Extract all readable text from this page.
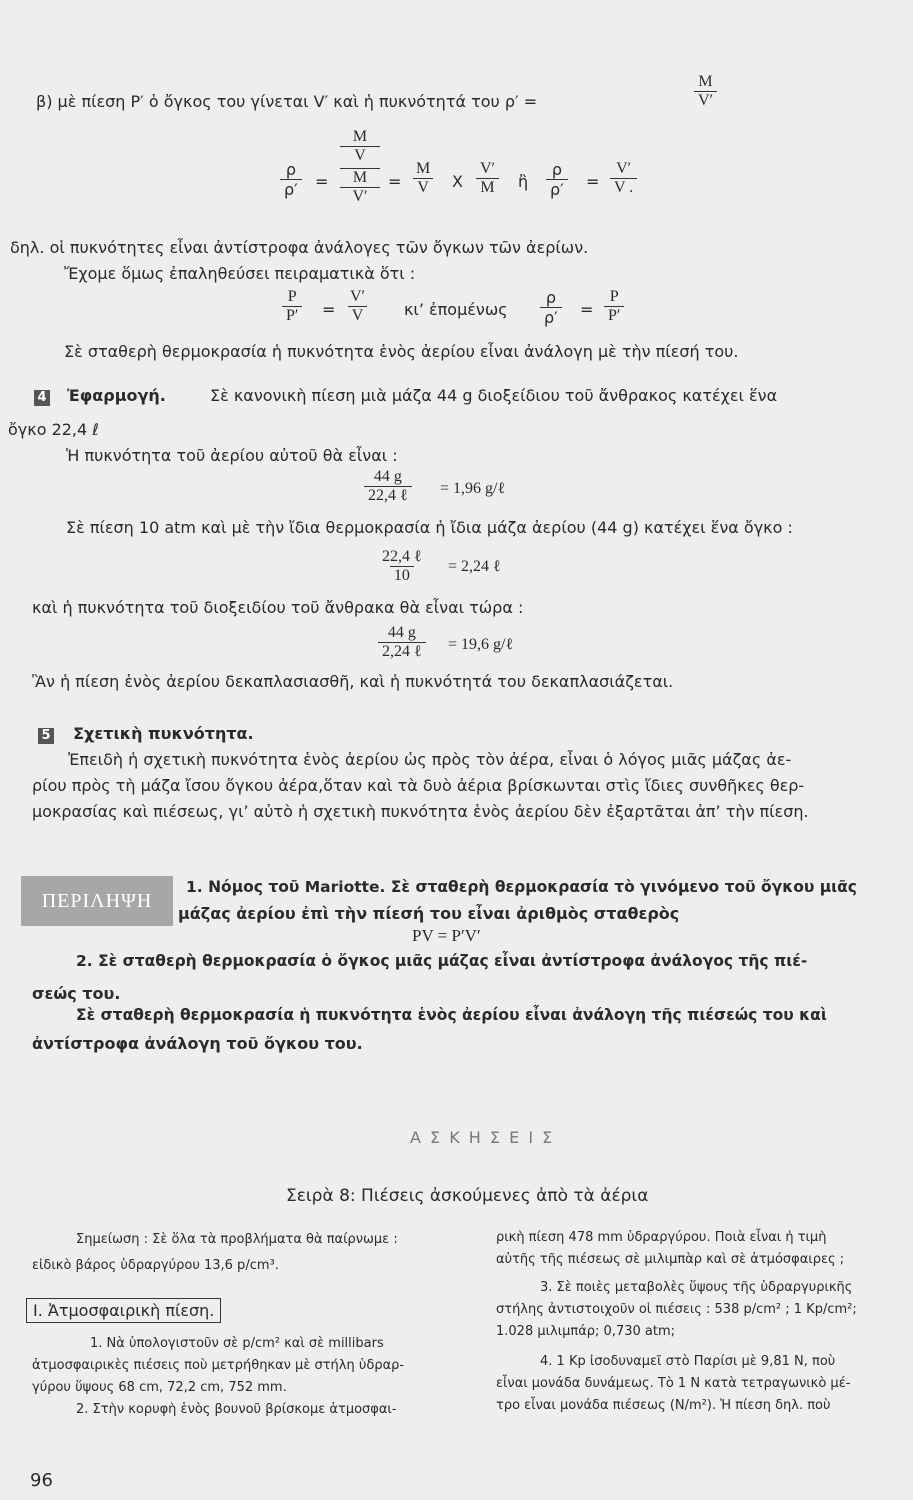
β) μὲ πίεση P′ ὁ ὄγκος του γίνεται V′ καὶ ἡ πυκνότητά του ρ′ =	$\frac{M}{V'}$
$\frac{\rho}{\rho'}$ =
M
V
M
V′
= $\frac{M}{V}$ X $\frac{V'}{M}$ ἢ $\frac{\rho}{\rho'} = \frac{V'}{V .}$
δηλ. οἱ πυκνότητες εἶναι ἀντίστροφα ἀνάλογες τῶν ὄγκων τῶν ἀερίων.
Ἔχομε ὅμως ἐπαληθεύσει πειραματικὰ ὅτι :
$\frac{P}{P'} = \frac{V'}{V} \kappa\iota$’ ἐπομένως $\frac{\rho}{\rho'} = \frac{P}{P'}$
Σὲ σταθερὴ θερμοκρασία ἡ πυκνότητα ἑνὸς ἀερίου εἶναι ἀνάλογη μὲ τὴν πίεσή του.
4 Ἐφαρμογή.	Σὲ κανονικὴ πίεση μιὰ μάζα 44 g διοξείδιου τοῦ ἄνθρακος κατέχει ἕνα
ὄγκο 22,4 ℓ
Ἡ πυκνότητα τοῦ ἀερίου αὐτοῦ θὰ εἶναι :
44 g
22,4 ℓ = 1,96 g/ℓ
Σὲ πίεση 10 atm καὶ μὲ τὴν ἴδια θερμοκρασία ἡ ἴδια μάζα ἀερίου (44 g) κατέχει ἕνα ὄγκο :
22,4 ℓ
10
= 2,24 ℓ
καὶ ἡ πυκνότητα τοῦ διοξειδίου τοῦ ἄνθρακα θὰ εἶναι τώρα :
44 g
2,24 ℓ = 19,6 g/ℓ
Ἂν ἡ πίεση ἑνὸς ἀερίου δεκαπλασιασθῆ, καὶ ἡ πυκνότητά του δεκαπλασιάζεται.
5 Σχετικὴ πυκνότητα.
Ἐπειδὴ ἡ σχετικὴ πυκνότητα ἑνὸς ἀερίου ὡς πρὸς τὸν ἀέρα, εἶναι ὁ λόγος μιᾶς μάζας ἀε-
ρίου πρὸς τὴ μάζα ἴσου ὄγκου ἀέρα,ὅταν καὶ τὰ δυὸ ἀέρια βρίσκωνται στὶς ἴδιες συνθῆκες θερ-
μοκρασίας καὶ πιέσεως, γι’ αὐτὸ ἡ σχετικὴ πυκνότητα ἑνὸς ἀερίου δὲν ἐξαρτᾶται ἀπ’ τὴν πίεση.
ΠΕΡΙΛΗΨΗ
1. Νόμος τοῦ Mariotte. Σὲ σταθερὴ θερμοκρασία τὸ γινόμενο τοῦ ὄγκου μιᾶς
μάζας ἀερίου ἐπὶ τὴν πίεσή του εἶναι ἀριθμὸς σταθερὸς
PV = P′V′
2. Σὲ σταθερὴ θερμοκρασία ὁ ὄγκος μιᾶς μάζας εἶναι ἀντίστροφα ἀνάλογος τῆς πιέ-
σεώς του.
Σὲ σταθερὴ θερμοκρασία ἡ πυκνότητα ἑνὸς ἀερίου εἶναι ἀνάλογη τῆς πιέσεώς του καὶ
ἀντίστροφα ἀνάλογη τοῦ ὄγκου του.
Α Σ Κ Η Σ Ε Ι Σ
Σειρὰ 8: Πιέσεις ἀσκούμενες ἀπὸ τὰ ἀέρια
Σημείωση : Σὲ ὅλα τὰ προβλήματα θὰ παίρνωμε :
εἰδικὸ βάρος ὑδραργύρου 13,6 p/cm³.
I. Ἀτμοσφαιρικὴ πίεση.
1. Νὰ ὑπολογιστοῦν σὲ p/cm² καὶ σὲ millibars
ἀτμοσφαιρικὲς πιέσεις ποὺ μετρήθηκαν μὲ στήλη ὑδραρ-
γύρου ὕψους 68 cm, 72,2 cm, 752 mm.
2. Στὴν κορυφὴ ἑνὸς βουνοῦ βρίσκομε ἀτμοσφαι-
ρικὴ πίεση 478 mm ὑδραργύρου. Ποιὰ εἶναι ἡ τιμὴ
αὐτῆς τῆς πιέσεως σὲ μιλιμπὰρ καὶ σὲ ἀτμόσφαιρες ;
3. Σὲ ποιὲς μεταβολὲς ὕψους τῆς ὑδραργυρικῆς
στήλης ἀντιστοιχοῦν οἱ πιέσεις : 538 p/cm² ; 1 Kp/cm²;
1.028 μιλιμπάρ; 0,730 atm;
4. 1 Kp ἰσοδυναμεῖ στὸ Παρίσι μὲ 9,81 N, ποὺ
εἶναι μονάδα δυνάμεως. Τὸ 1 N κατὰ τετραγωνικὸ μέ-
τρο εἶναι μονάδα πιέσεως (N/m²). Ἡ πίεση δηλ. ποὺ
96
